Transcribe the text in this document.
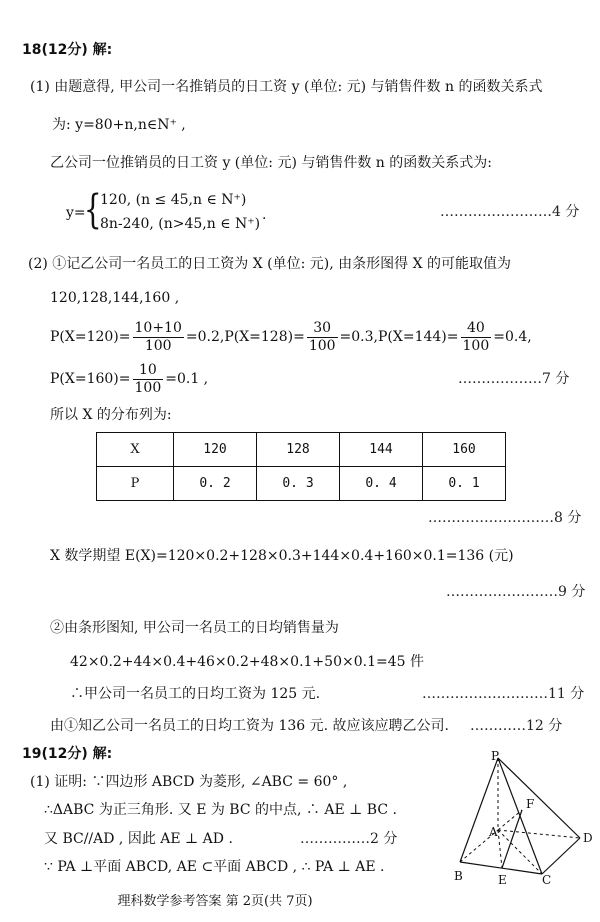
18(12分) 解:
(1) 由题意得, 甲公司一名推销员的日工资 y (单位: 元) 与销售件数 n 的函数关系式
为: y=80+n,n∈N⁺ ,
乙公司一位推销员的日工资 y (单位: 元) 与销售件数 n 的函数关系式为:
y=
{
120, (n ≤ 45,n ∈ N⁺)
8n-240, (n>45,n ∈ N⁺)
.	……………………4 分
(2) ①记乙公司一名员工的日工资为 X (单位: 元), 由条形图得 X 的可能取值为
120,128,144,160 ,
$P(X=120)= \frac{10+10}{100} =0.2,P(X=128)= \frac{30}{100} =0.3,P(X=144)= \frac{40}{100} =0.4$,
$P(X=160)= \frac{10}{100} =0.1$ ,	………………7 分
所以 X 的分布列为:
X	120	128	144	160
P	0. 2	0. 3	0. 4	0. 1
………………………8 分
X 数学期望 E(X)=120×0.2+128×0.3+144×0.4+160×0.1=136 (元)
……………………9 分
②由条形图知, 甲公司一名员工的日均销售量为
42×0.2+44×0.4+46×0.2+48×0.1+50×0.1=45 件
∴甲公司一名员工的日均工资为 125 元.	………………………11 分
由①知乙公司一名员工的日均工资为 136 元. 故应该应聘乙公司. …………12 分
19(12分) 解:
(1) 证明: ∵四边形 ABCD 为菱形, ∠ABC = 60° ,
∴ΔABC 为正三角形. 又 E 为 BC 的中点, ∴ AE ⊥ BC .
又 BC//AD , 因此 AE ⊥ AD .	……………2 分
∵ PA ⊥平面 ABCD, AE ⊂平面 ABCD , ∴ PA ⊥ AE .
P
F
A	D
B	E	C
理科数学参考答案 第 2页(共 7页)
